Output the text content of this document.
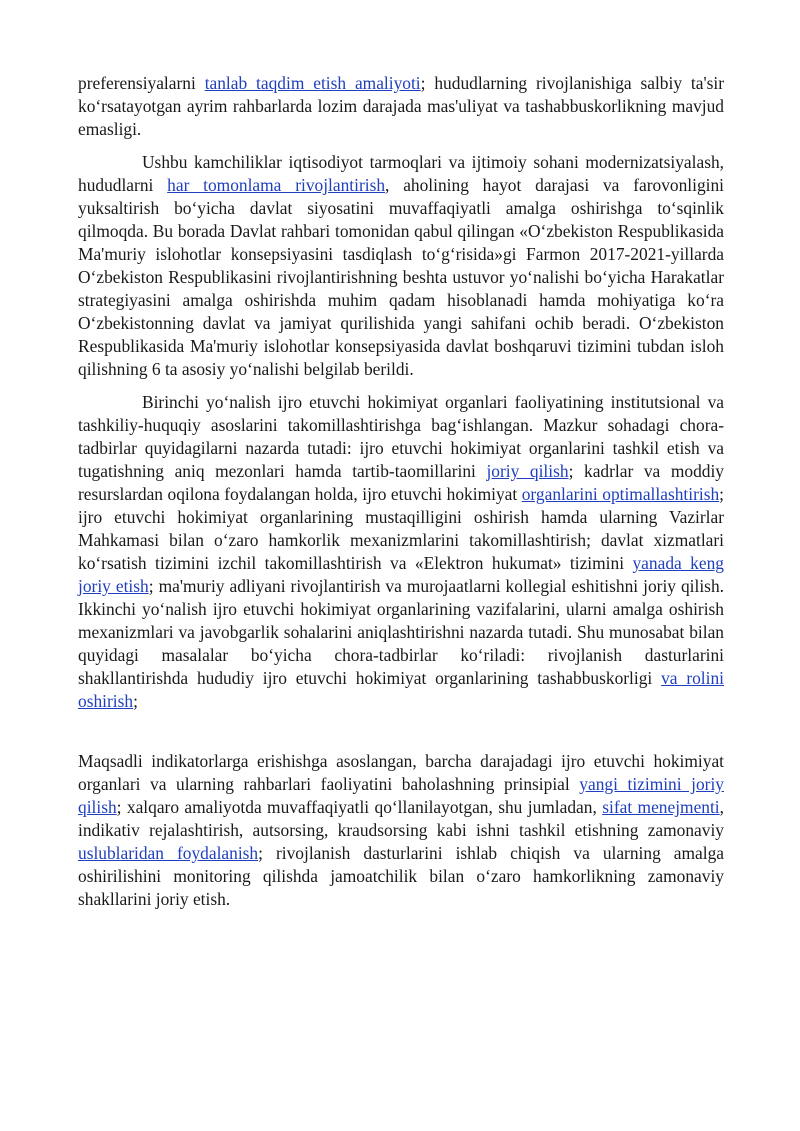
preferensiyalarni tanlab taqdim etish amaliyoti; hududlarning rivojlanishiga salbiy ta'sir ko‘rsatayotgan ayrim rahbarlarda lozim darajada mas'uliyat va tashabbuskorlikning mavjud emasligi.

Ushbu kamchiliklar iqtisodiyot tarmoqlari va ijtimoiy sohani modernizatsiyalash, hududlarni har tomonlama rivojlantirish, aholining hayot darajasi va farovonligini yuksaltirish bo‘yicha davlat siyosatini muvaffaqiyatli amalga oshirishga to‘sqinlik qilmoqda. Bu borada Davlat rahbari tomonidan qabul qilingan «O‘zbekiston Respublikasida Ma'muriy islohotlar konsepsiyasini tasdiqlash to‘g‘risida»gi Farmon 2017-2021-yillarda O‘zbekiston Respublikasini rivojlantirishning beshta ustuvor yo‘nalishi bo‘yicha Harakatlar strategiyasini amalga oshirishda muhim qadam hisoblanadi hamda mohiyatiga ko‘ra O‘zbekistonning davlat va jamiyat qurilishida yangi sahifani ochib beradi. O‘zbekiston Respublikasida Ma'muriy islohotlar konsepsiyasida davlat boshqaruvi tizimini tubdan isloh qilishning 6 ta asosiy yo‘nalishi belgilab berildi.

Birinchi yo‘nalish ijro etuvchi hokimiyat organlari faoliyatining institutsional va tashkiliy-huquqiy asoslarini takomillashtirishga bag‘ishlangan. Mazkur sohadagi chora-tadbirlar quyidagilarni nazarda tutadi: ijro etuvchi hokimiyat organlarini tashkil etish va tugatishning aniq mezonlari hamda tartib-taomillarini joriy qilish; kadrlar va moddiy resurslardan oqilona foydalangan holda, ijro etuvchi hokimiyat organlarini optimallashtirish; ijro etuvchi hokimiyat organlarining mustaqilligini oshirish hamda ularning Vazirlar Mahkamasi bilan o‘zaro hamkorlik mexanizmlarini takomillashtirish; davlat xizmatlari ko‘rsatish tizimini izchil takomillashtirish va «Elektron hukumat» tizimini yanada keng joriy etish; ma'muriy adliyani rivojlantirish va murojaatlarni kollegial eshitishni joriy qilish. Ikkinchi yo‘nalish ijro etuvchi hokimiyat organlarining vazifalarini, ularni amalga oshirish mexanizmlari va javobgarlik sohalarini aniqlashtirishni nazarda tutadi. Shu munosabat bilan quyidagi masalalar bo‘yicha chora-tadbirlar ko‘riladi: rivojlanish dasturlarini shakllantirishda hududiy ijro etuvchi hokimiyat organlarining tashabbuskorligi va rolini oshirish;

Maqsadli indikatorlarga erishishga asoslangan, barcha darajadagi ijro etuvchi hokimiyat organlari va ularning rahbarlari faoliyatini baholashning prinsipial yangi tizimini joriy qilish; xalqaro amaliyotda muvaffaqiyatli qo‘llanilayotgan, shu jumladan, sifat menejmenti, indikativ rejalashtirish, autsorsing, kraudsorsing kabi ishni tashkil etishning zamonaviy uslublaridan foydalanish; rivojlanish dasturlarini ishlab chiqish va ularning amalga oshirilishini monitoring qilishda jamoatchilik bilan o‘zaro hamkorlikning zamonaviy shakllarini joriy etish.
